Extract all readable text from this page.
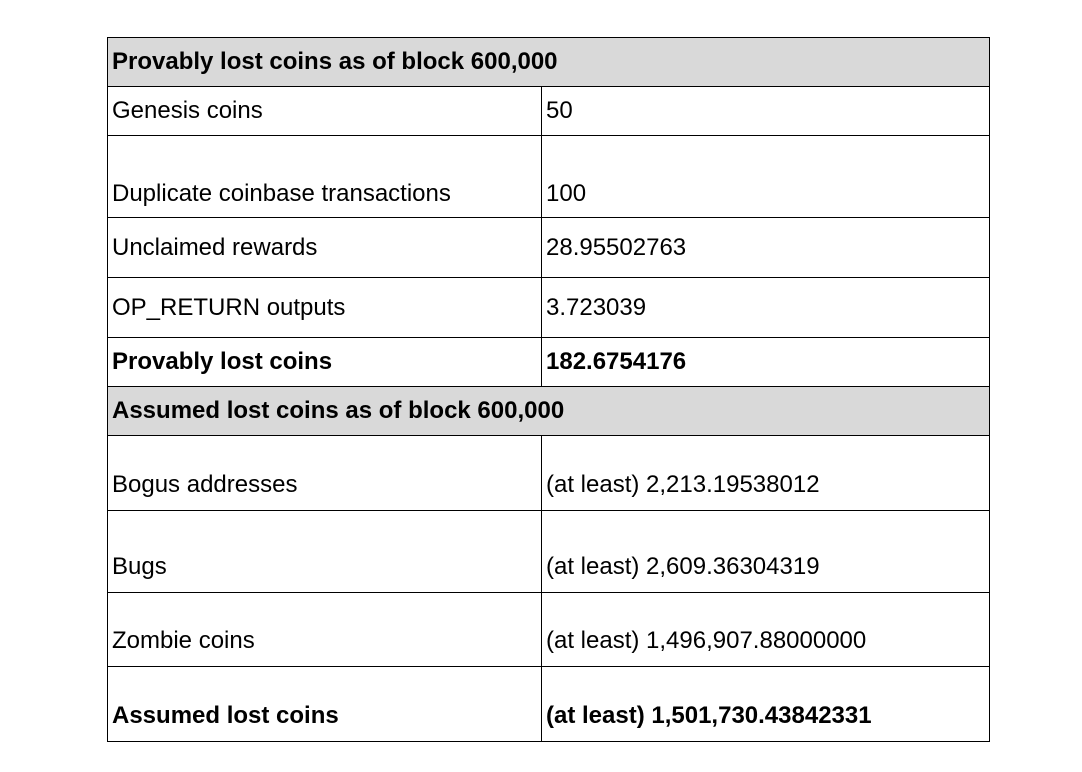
Provably lost coins as of block 600,000	
Genesis coins	50
Duplicate coinbase transactions	100
Unclaimed rewards	28.95502763
OP_RETURN outputs	3.723039
Provably lost coins	182.6754176
Assumed lost coins as of block 600,000	
Bogus addresses	(at least) 2,213.19538012
Bugs	(at least) 2,609.36304319
Zombie coins	(at least) 1,496,907.88000000
Assumed lost coins	(at least) 1,501,730.43842331
